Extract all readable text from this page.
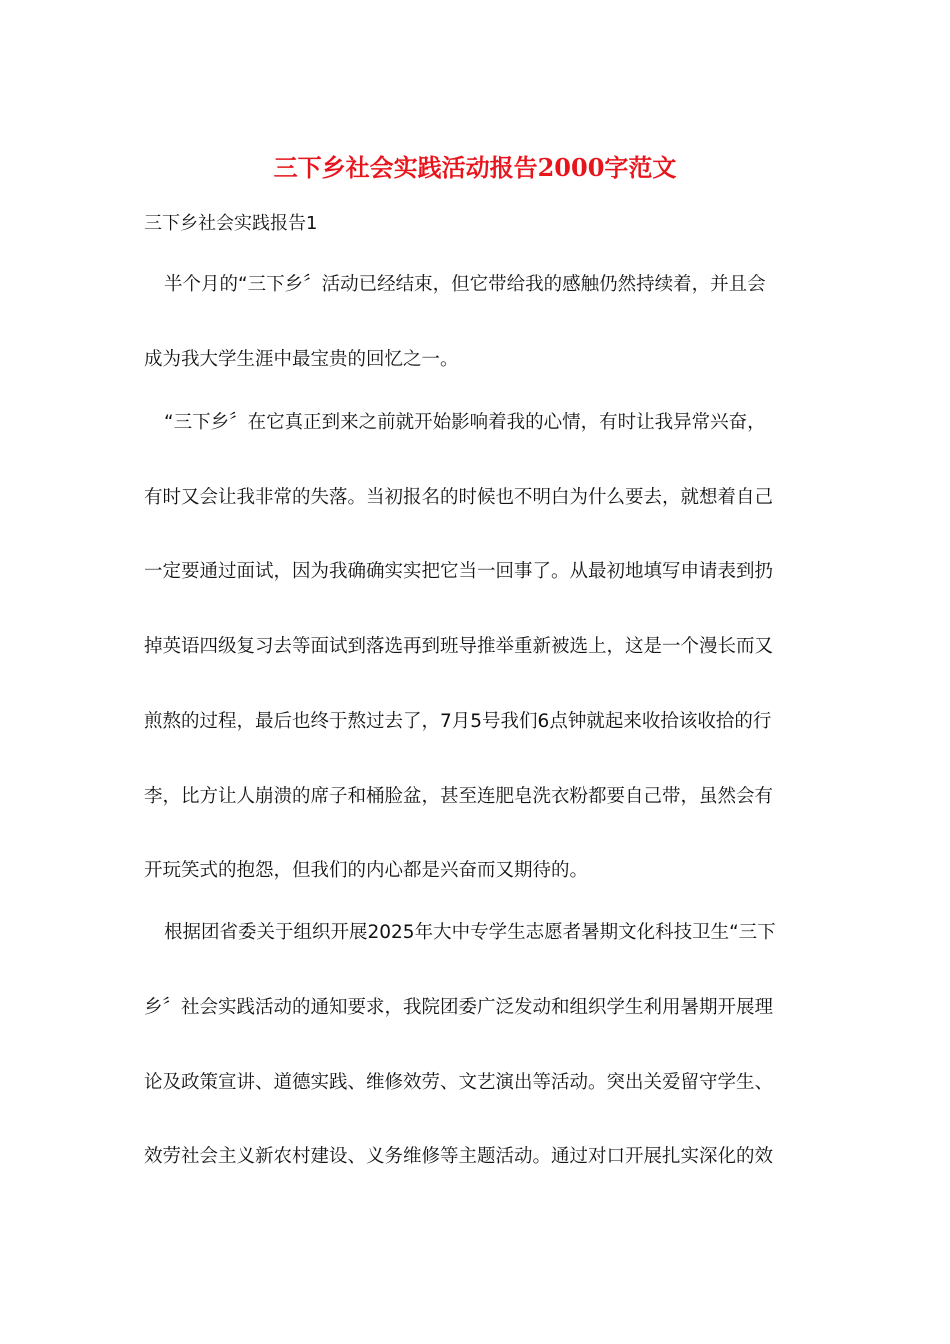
三下乡社会实践活动报告2000字范文
三下乡社会实践报告1
半个月的“三下乡〞活动已经结束，但它带给我的感触仍然持续着，并且会
成为我大学生涯中最宝贵的回忆之一。
“三下乡〞在它真正到来之前就开始影响着我的心情，有时让我异常兴奋，
有时又会让我非常的失落。当初报名的时候也不明白为什么要去，就想着自己
一定要通过面试，因为我确确实实把它当一回事了。从最初地填写申请表到扔
掉英语四级复习去等面试到落选再到班导推举重新被选上，这是一个漫长而又
煎熬的过程，最后也终于熬过去了，7月5号我们6点钟就起来收拾该收拾的行
李，比方让人崩溃的席子和桶脸盆，甚至连肥皂洗衣粉都要自己带，虽然会有
开玩笑式的抱怨，但我们的内心都是兴奋而又期待的。
根据团省委关于组织开展2025年大中专学生志愿者暑期文化科技卫生“三下
乡〞社会实践活动的通知要求，我院团委广泛发动和组织学生利用暑期开展理
论及政策宣讲、道德实践、维修效劳、文艺演出等活动。突出关爱留守学生、
效劳社会主义新农村建设、义务维修等主题活动。通过对口开展扎实深化的效
